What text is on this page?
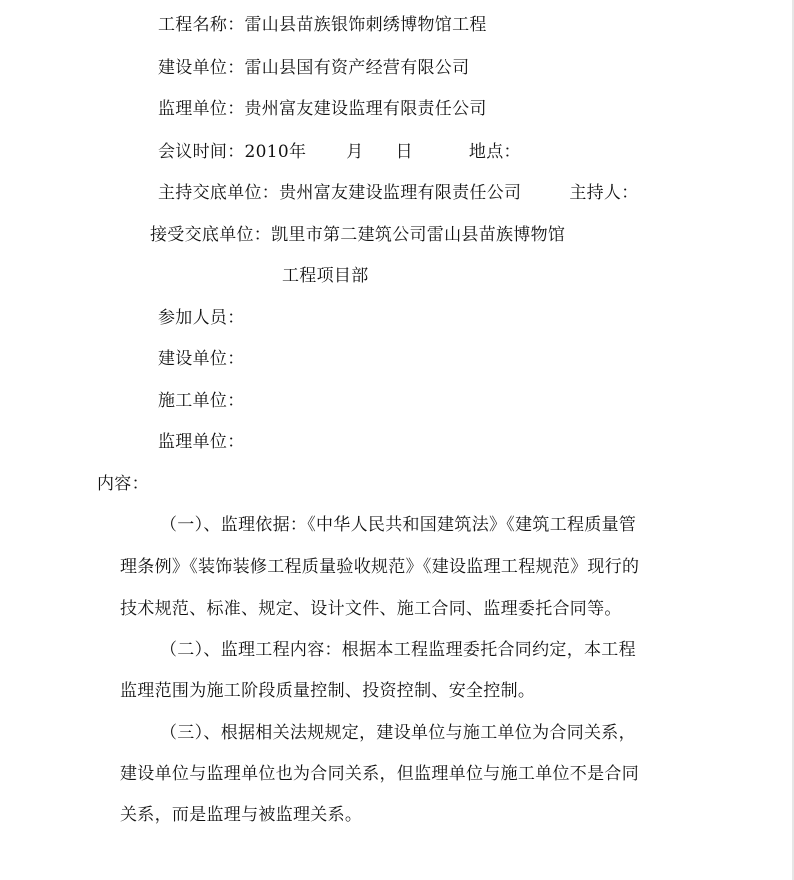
工程名称：雷山县苗族银饰刺绣博物馆工程
建设单位：雷山县国有资产经营有限公司
监理单位：贵州富友建设监理有限责任公司
会议时间：2010年 月 日	地点：
主持交底单位：贵州富友建设监理有限责任公司	主持人：
接受交底单位：凯里市第二建筑公司雷山县苗族博物馆
工程项目部
参加人员：
建设单位：
施工单位：
监理单位：
内容：
（一）、监理依据：《中华人民共和国建筑法》《建筑工程质量管
理条例》《装饰装修工程质量验收规范》《建设监理工程规范》现行的
技术规范、标准、规定、设计文件、施工合同、监理委托合同等。
（二）、监理工程内容：根据本工程监理委托合同约定，本工程
监理范围为施工阶段质量控制、投资控制、安全控制。
（三）、根据相关法规规定，建设单位与施工单位为合同关系，
建设单位与监理单位也为合同关系，但监理单位与施工单位不是合同
关系，而是监理与被监理关系。
